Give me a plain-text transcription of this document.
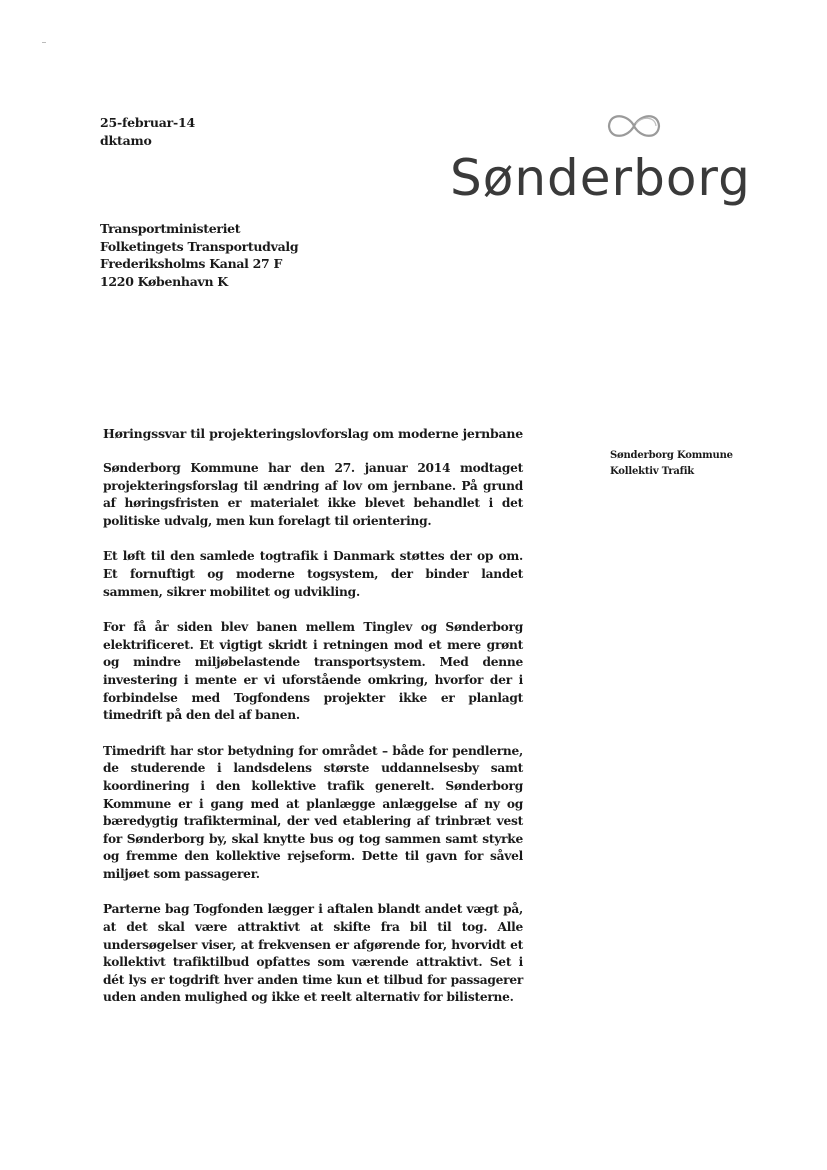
25-februar-14
dktamo
Sønderborg
Transportministeriet
Folketingets Transportudvalg
Frederiksholms Kanal 27 F
1220 København K
Høringssvar til projekteringslovforslag om moderne jernbane
Sønderborg Kommune
Kollektiv Trafik

Sønderborg Kommune har den 27. januar 2014 modtaget projekteringsforslag til ændring af lov om jernbane. På grund af høringsfristen er materialet ikke blevet behandlet i det politiske udvalg, men kun forelagt til orientering.

Et løft til den samlede togtrafik i Danmark støttes der op om. Et fornuftigt og moderne togsystem, der binder landet sammen, sikrer mobilitet og udvikling.

For få år siden blev banen mellem Tinglev og Sønderborg elektrificeret. Et vigtigt skridt i retningen mod et mere grønt og mindre miljøbelastende transportsystem. Med denne investering i mente er vi uforstående omkring, hvorfor der i forbindelse med Togfondens projekter ikke er planlagt timedrift på den del af banen.

Timedrift har stor betydning for området – både for pendlerne, de studerende i landsdelens største uddannelsesby samt koordinering i den kollektive trafik generelt. Sønderborg Kommune er i gang med at planlægge anlæggelse af ny og bæredygtig trafikterminal, der ved etablering af trinbræt vest for Sønderborg by, skal knytte bus og tog sammen samt styrke og fremme den kollektive rejseform. Dette til gavn for såvel miljøet som passagerer.

Parterne bag Togfonden lægger i aftalen blandt andet vægt på, at det skal være attraktivt at skifte fra bil til tog. Alle undersøgelser viser, at frekvensen er afgørende for, hvorvidt et kollektivt trafiktilbud opfattes som værende attraktivt. Set i dét lys er togdrift hver anden time kun et tilbud for passagerer uden anden mulighed og ikke et reelt alternativ for bilisterne.
